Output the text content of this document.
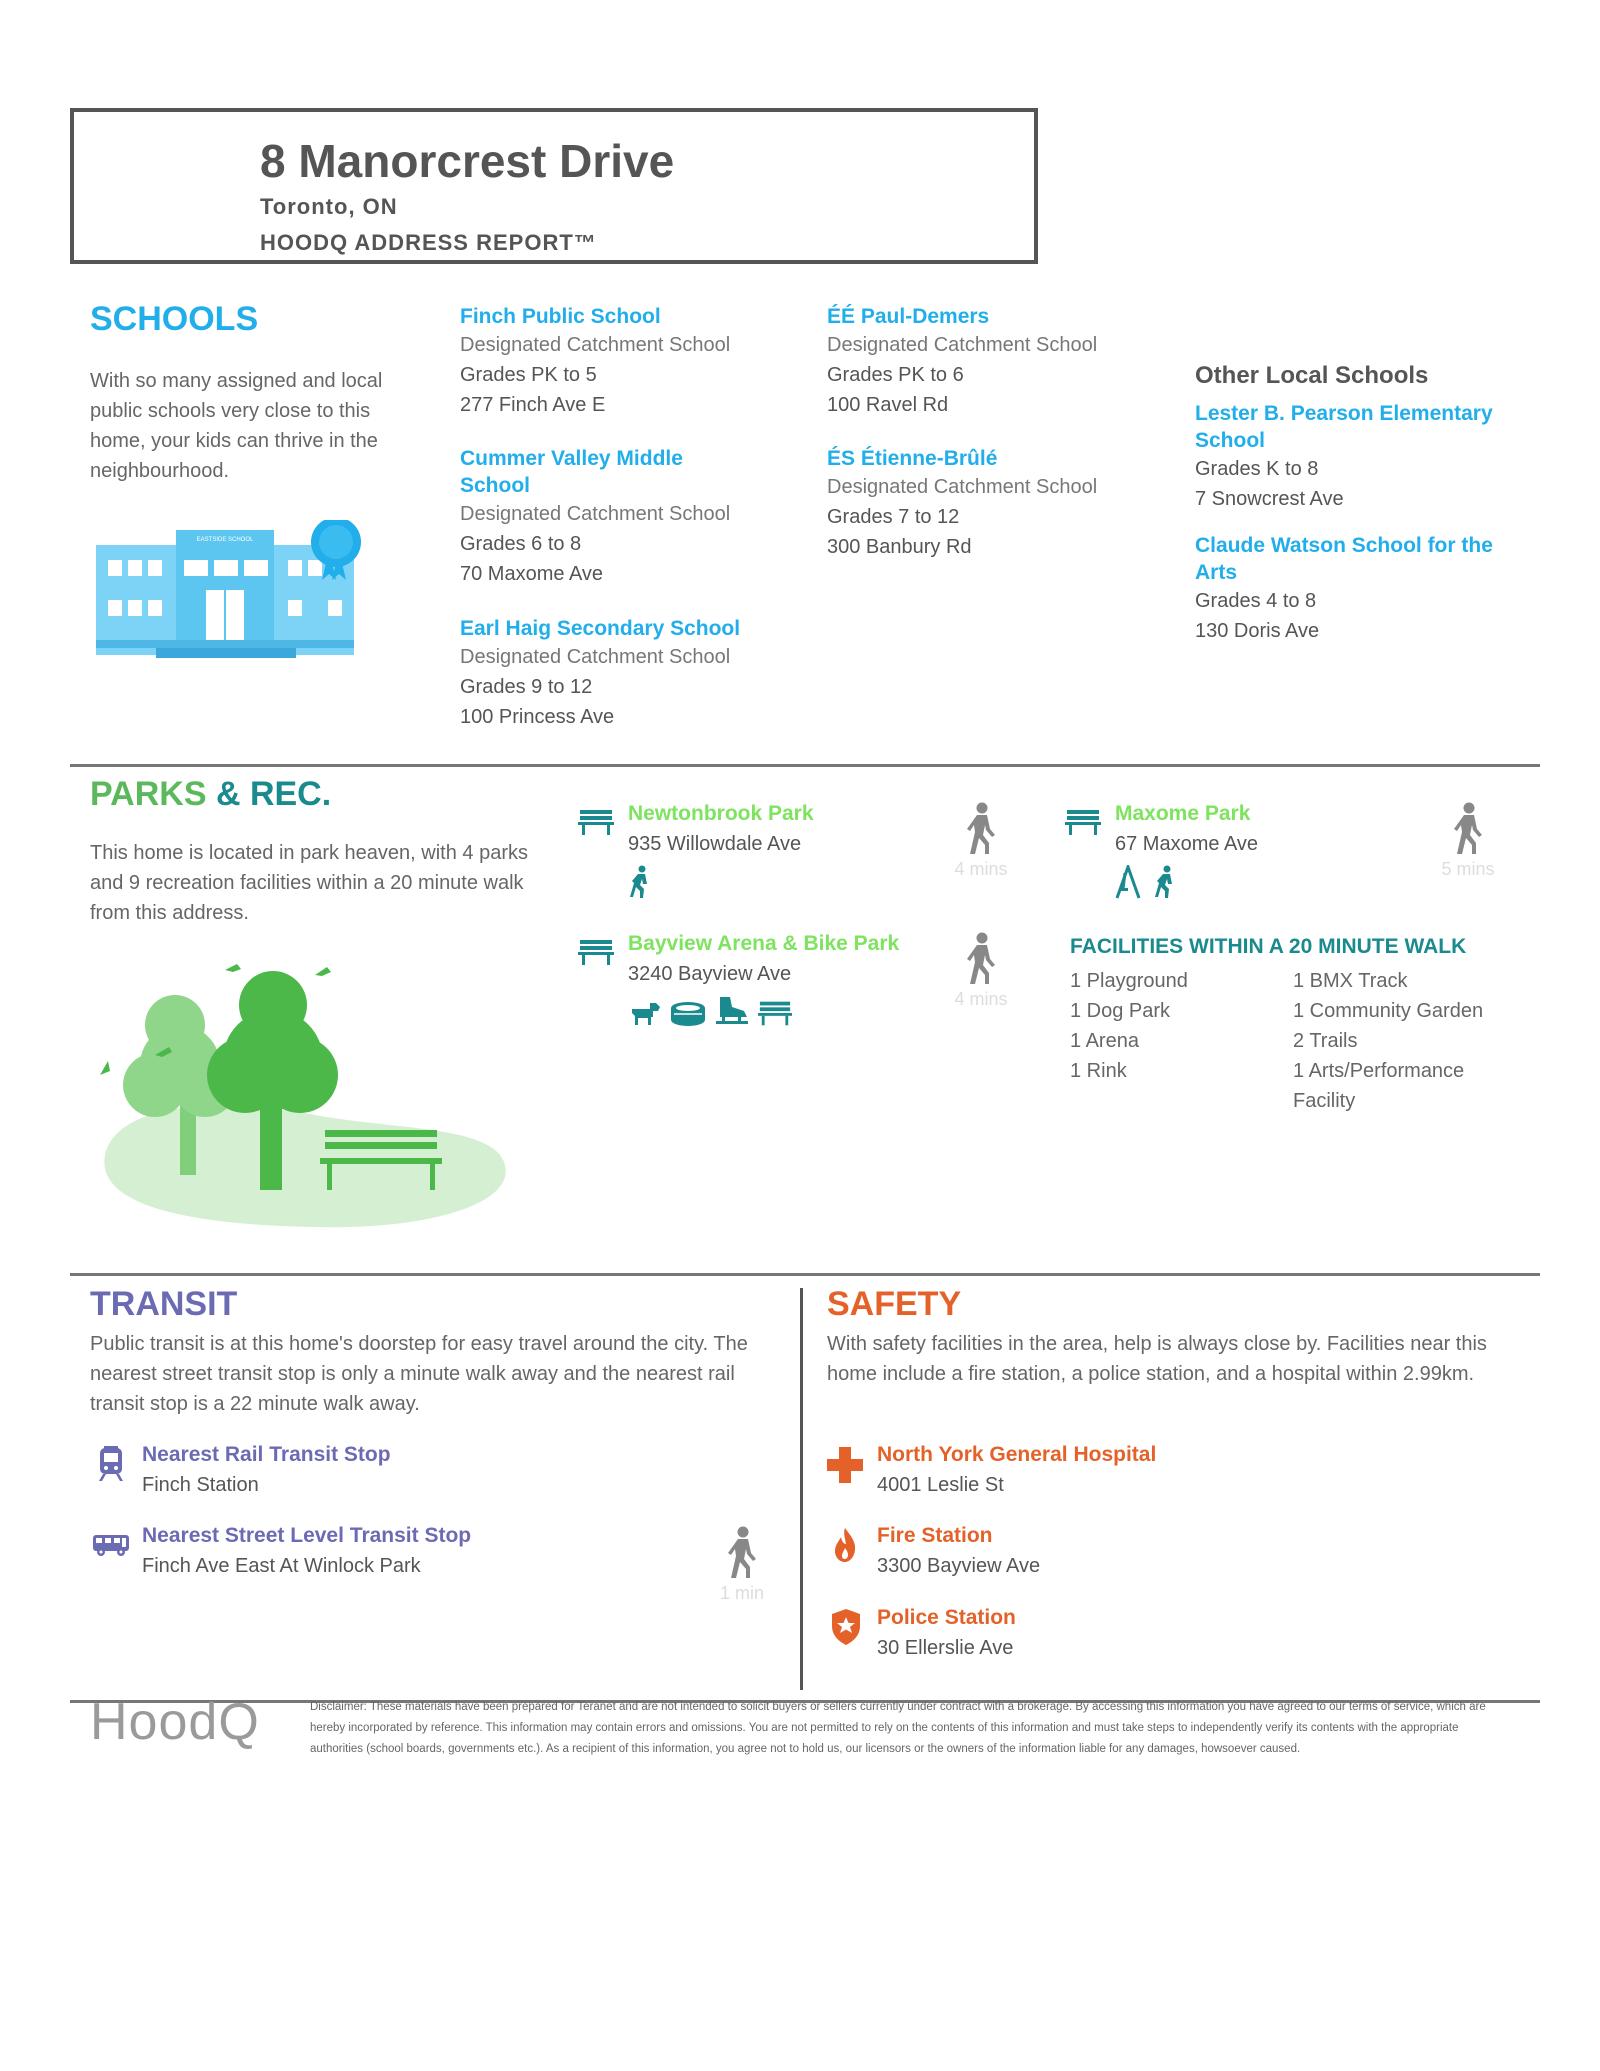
8 Manorcrest Drive
Toronto, ON
HOODQ ADDRESS REPORT™
SCHOOLS
With so many assigned and local public schools very close to this home, your kids can thrive in the neighbourhood.
EASTSIDE SCHOOL
Finch Public School
Designated Catchment School
Grades PK to 5
277 Finch Ave E
Cummer Valley Middle School
Designated Catchment School
Grades 6 to 8
70 Maxome Ave
Earl Haig Secondary School
Designated Catchment School
Grades 9 to 12
100 Princess Ave
ÉÉ Paul-Demers
Designated Catchment School
Grades PK to 6
100 Ravel Rd
ÉS Étienne-Brûlé
Designated Catchment School
Grades 7 to 12
300 Banbury Rd
Other Local Schools
Lester B. Pearson Elementary School
Grades K to 8
7 Snowcrest Ave
Claude Watson School for the Arts
Grades 4 to 8
130 Doris Ave
PARKS & REC.
This home is located in park heaven, with 4 parks and 9 recreation facilities within a 20 minute walk from this address.
Newtonbrook Park
935 Willowdale Ave
4 mins
Maxome Park
67 Maxome Ave
5 mins
Bayview Arena & Bike Park
3240 Bayview Ave
4 mins
FACILITIES WITHIN A 20 MINUTE WALK
1 Playground
1 Dog Park
1 Arena
1 Rink
1 BMX Track
1 Community Garden
2 Trails
1 Arts/Performance Facility
TRANSIT
Public transit is at this home's doorstep for easy travel around the city. The nearest street transit stop is only a minute walk away and the nearest rail transit stop is a 22 minute walk away.
Nearest Rail Transit Stop
Finch Station
Nearest Street Level Transit Stop
Finch Ave East At Winlock Park
1 min
SAFETY
With safety facilities in the area, help is always close by. Facilities near this home include a fire station, a police station, and a hospital within 2.99km.
North York General Hospital
4001 Leslie St
Fire Station
3300 Bayview Ave
Police Station
30 Ellerslie Ave
HoodQ	Disclaimer: These materials have been prepared for Teranet and are not intended to solicit buyers or sellers currently under contract with a brokerage. By accessing this information you have agreed to our terms of service, which are hereby incorporated by reference. This information may contain errors and omissions. You are not permitted to rely on the contents of this information and must take steps to independently verify its contents with the appropriate authorities (school boards, governments etc.). As a recipient of this information, you agree not to hold us, our licensors or the owners of the information liable for any damages, howsoever caused.
